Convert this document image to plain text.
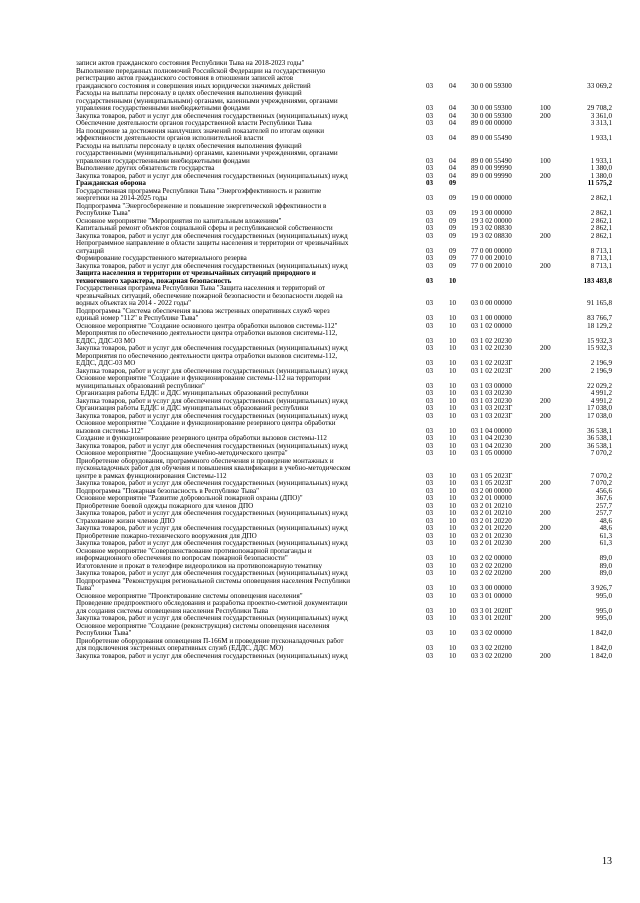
записи актов гражданского состояния Республики Тыва на 2018-2023 годы"
Выполнение переданных полномочий Российской Федерации на государственную
регистрацию актов гражданского состояния в отношении записей актов
гражданского состояния и совершения иных юридически значимых действий	03 04 30 0 00 59300	33 069,2
Расходы на выплаты персоналу в целях обеспечения выполнения функций
государственными (муниципальными) органами, казенными учреждениями, органами
управления государственными внебюджетными фондами	03 04 30 0 00 59300	100	29 708,2
Закупка товаров, работ и услуг для обеспечения государственных (муниципальных) нужд	03 04 30 0 00 59300	200	3 361,0
Обеспечение деятельности органов государственной власти Республики Тыва	03 04 89 0 00 00000	3 313,1
На поощрение за достижения наилучших значений показателей по итогам оценки
эффективности деятельности органов исполнительной власти	03 04 89 0 00 55490	1 933,1
Расходы на выплаты персоналу в целях обеспечения выполнения функций
государственными (муниципальными) органами, казенными учреждениями, органами
управления государственными внебюджетными фондами	03 04 89 0 00 55490	100	1 933,1
Выполнение других обязательств государства	03 04 89 0 00 99990	1 380,0
Закупка товаров, работ и услуг для обеспечения государственных (муниципальных) нужд	03 04 89 0 00 99990	200	1 380,0
Гражданская оборона	03 09	11 575,2
Государственная программа Республики Тыва "Энергоэффективность и развитие
энергетики на 2014-2025 годы	03 09 19 0 00 00000	2 862,1
Подпрограмма "Энергосбережение и повышение энергетической эффективности в
Республике Тыва"	03 09 19 3 00 00000	2 862,1
Основное мероприятие "Мероприятия по капитальным вложениям"	03 09 19 3 02 00000	2 862,1
Капитальный ремонт объектов социальной сферы и республиканской собственности	03 09 19 3 02 08830	2 862,1
Закупка товаров, работ и услуг для обеспечения государственных (муниципальных) нужд	03 09 19 3 02 08830	200	2 862,1
Непрограммное направление в области защиты населения и территории от чрезвычайных
ситуаций	03 09 77 0 00 00000	8 713,1
Формирование государственного материального резерва	03 09 77 0 00 20010	8 713,1
Закупка товаров, работ и услуг для обеспечения государственных (муниципальных) нужд	03 09 77 0 00 20010	200	8 713,1
Защита населения и территории от чрезвычайных ситуаций природного и
техногенного характера, пожарная безопасность	03 10	183 483,8
Государственная программа Республики Тыва "Защита населения и территорий от
чрезвычайных ситуаций, обеспечение пожарной безопасности и безопасности людей на
водных объектах на 2014 - 2022 годы"	03 10 03 0 00 00000	91 165,8
Подпрограмма "Система обеспечения вызова экстренных оперативных служб через
единый номер "112" в Республике Тыва"	03 10 03 1 00 00000	83 766,7
Основное мероприятие "Создание основного центра обработки вызовов системы-112"	03 10 03 1 02 00000	18 129,2
Мероприятия по обеспечению деятельности центра отработки вызовов сиситемы-112,
ЕДДС, ДДС-03 МО	03 10 03 1 02 20230	15 932,3
Закупка товаров, работ и услуг для обеспечения государственных (муниципальных) нужд	03 10 03 1 02 20230	200	15 932,3
Мероприятия по обеспечению деятельности центра отработки вызовов сиситемы-112,
ЕДДС, ДДС-03 МО	03 10 03 1 02 2023Г	2 196,9
Закупка товаров, работ и услуг для обеспечения государственных (муниципальных) нужд	03 10 03 1 02 2023Г	200	2 196,9
Основное мероприятие "Создание и функционирование системы-112 на территории
муниципальных образований республики"	03 10 03 1 03 00000	22 029,2
Организация работы ЕДДС и ДДС муниципальных образований республики	03 10 03 1 03 20230	4 991,2
Закупка товаров, работ и услуг для обеспечения государственных (муниципальных) нужд	03 10 03 1 03 20230	200	4 991,2
Организация работы ЕДДС и ДДС муниципальных образований республики	03 10 03 1 03 2023Г	17 038,0
Закупка товаров, работ и услуг для обеспечения государственных (муниципальных) нужд	03 10 03 1 03 2023Г	200	17 038,0
Основное мероприятие "Создание и функционирование резервного центра обработки
вызовов системы-112"	03 10 03 1 04 00000	36 538,1
Создание и функционирование резервного центра обработки вызовов системы-112	03 10 03 1 04 20230	36 538,1
Закупка товаров, работ и услуг для обеспечения государственных (муниципальных) нужд	03 10 03 1 04 20230	200	36 538,1
Основное мероприятие "Дооснащение учебно-методического центра"	03 10 03 1 05 00000	7 070,2
Приобретение оборудования, программного обеспечения и проведение монтажных и
пусконаладочных работ для обучения и повышения квалификации в учебно-методическом
центре в рамках функционирования Системы-112	03 10 03 1 05 2023Г	7 070,2
Закупка товаров, работ и услуг для обеспечения государственных (муниципальных) нужд	03 10 03 1 05 2023Г	200	7 070,2
Подпрограмма "Пожарная безопасность в Республике Тыва"	03 10 03 2 00 00000	456,6
Основное мероприятие "Развитие добровольной пожарной охраны (ДПО)"	03 10 03 2 01 00000	367,6
Приобретение боевой одежды пожарного для членов ДПО	03 10 03 2 01 20210	257,7
Закупка товаров, работ и услуг для обеспечения государственных (муниципальных) нужд	03 10 03 2 01 20210	200	257,7
Страхование жизни членов ДПО	03 10 03 2 01 20220	48,6
Закупка товаров, работ и услуг для обеспечения государственных (муниципальных) нужд	03 10 03 2 01 20220	200	48,6
Приобретение пожарно-технического вооружения для ДПО	03 10 03 2 01 20230	61,3
Закупка товаров, работ и услуг для обеспечения государственных (муниципальных) нужд	03 10 03 2 01 20230	200	61,3
Основное мероприятие "Совершенствование противопожарной пропаганды и
информационного обеспечения по вопросам пожарной безопасности"	03 10 03 2 02 00000	89,0
Изготовление и прокат в телеэфире видеороликов на противопожарную тематику	03 10 03 2 02 20200	89,0
Закупка товаров, работ и услуг для обеспечения государственных (муниципальных) нужд	03 10 03 2 02 20200	200	89,0
Подпрограмма "Реконструкция региональной системы оповещения населения Республики
Тыва"	03 10 03 3 00 00000	3 926,7
Основное мероприятие "Проектирование системы оповещения населения"	03 10 03 3 01 00000	995,0
Проведение предпроектного обследования и разработка проектно-сметной документации
для создания системы оповещения населения Республики Тыва	03 10 03 3 01 2020Г	995,0
Закупка товаров, работ и услуг для обеспечения государственных (муниципальных) нужд	03 10 03 3 01 2020Г	200	995,0
Основное мероприятие "Создание (реконструкция) системы оповещения населения
Республики Тыва"	03 10 03 3 02 00000	1 842,0
Приобретение оборудования оповещения П-166М и проведение пусконаладочных работ
для подключения экстренных оперативных служб (ЕДДС, ДДС МО)	03 10 03 3 02 20200	1 842,0
Закупка товаров, работ и услуг для обеспечения государственных (муниципальных) нужд	03 10 03 3 02 20200	200	1 842,0
13
